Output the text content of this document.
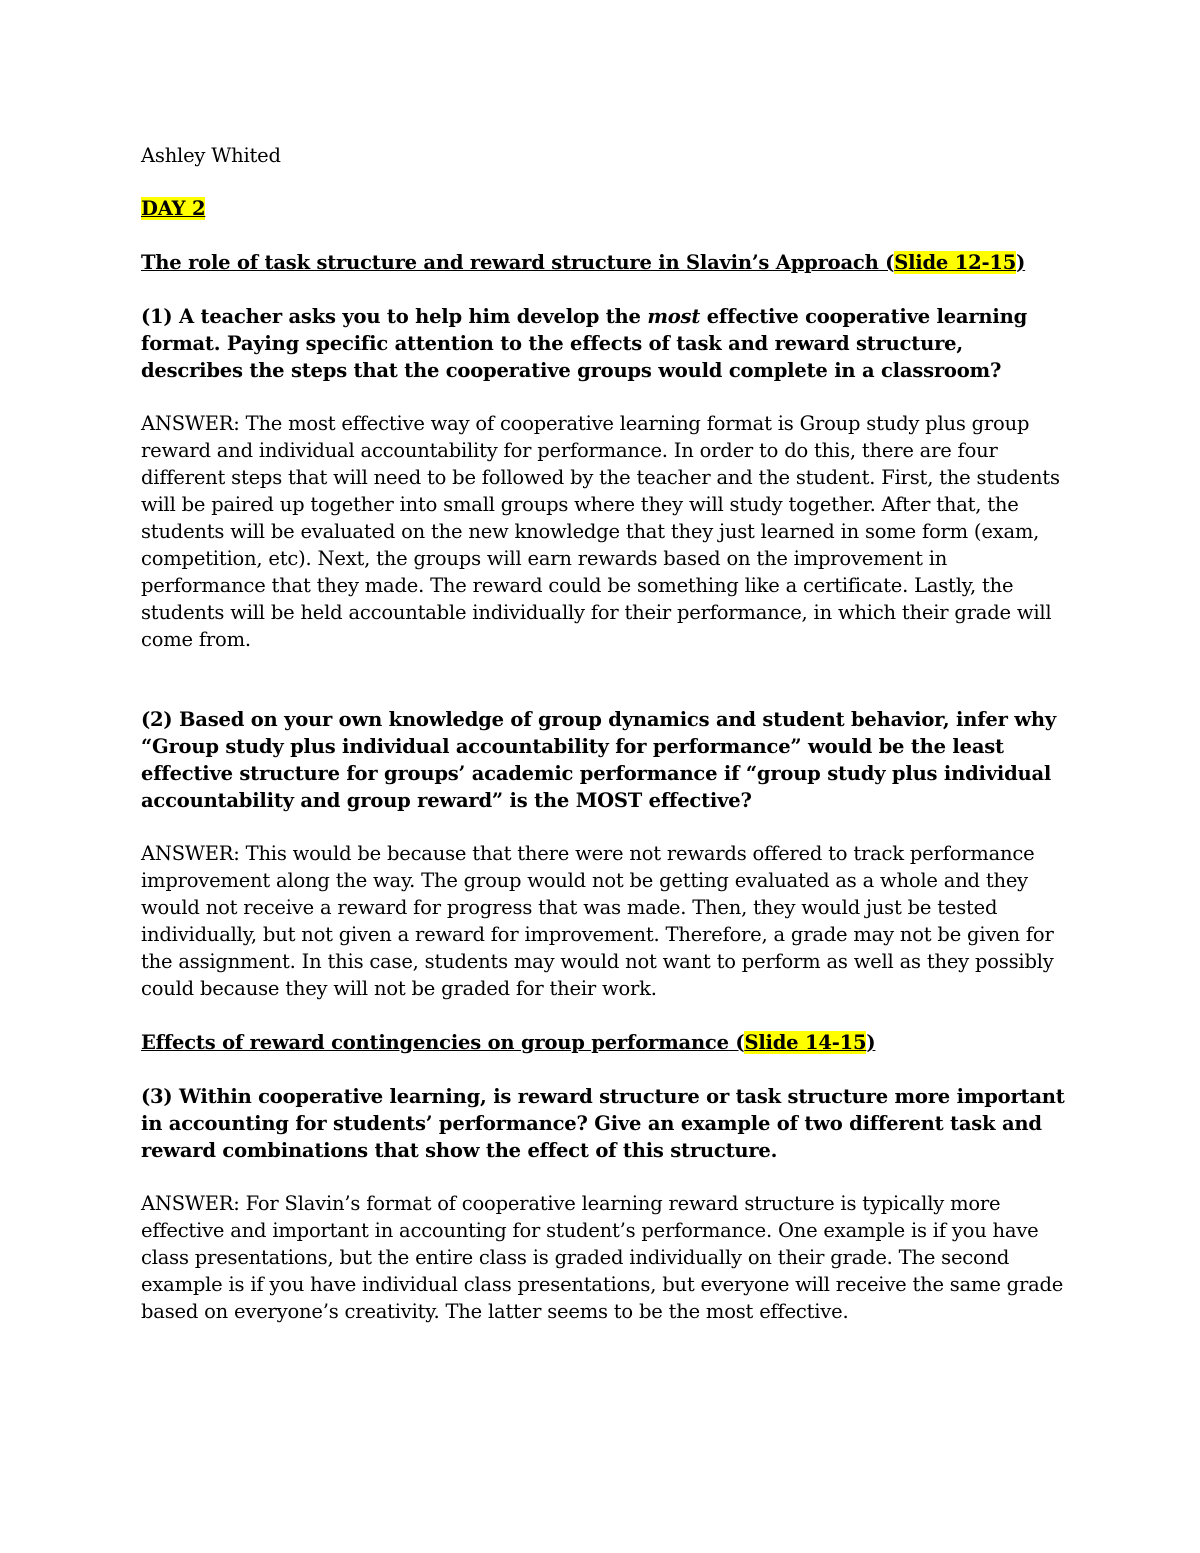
Ashley Whited

DAY 2

The role of task structure and reward structure in Slavin’s Approach (Slide 12-15)

(1) A teacher asks you to help him develop the most effective cooperative learning format. Paying specific attention to the effects of task and reward structure, describes the steps that the cooperative groups would complete in a classroom?

ANSWER: The most effective way of cooperative learning format is Group study plus group reward and individual accountability for performance. In order to do this, there are four different steps that will need to be followed by the teacher and the student. First, the students will be paired up together into small groups where they will study together. After that, the students will be evaluated on the new knowledge that they just learned in some form (exam, competition, etc). Next, the groups will earn rewards based on the improvement in performance that they made. The reward could be something like a certificate. Lastly, the students will be held accountable individually for their performance, in which their grade will come from.

(2) Based on your own knowledge of group dynamics and student behavior, infer why “Group study plus individual accountability for performance” would be the least effective structure for groups’ academic performance if “group study plus individual accountability and group reward” is the MOST effective?

ANSWER: This would be because that there were not rewards offered to track performance improvement along the way. The group would not be getting evaluated as a whole and they would not receive a reward for progress that was made. Then, they would just be tested individually, but not given a reward for improvement. Therefore, a grade may not be given for the assignment. In this case, students may would not want to perform as well as they possibly could because they will not be graded for their work.

Effects of reward contingencies on group performance (Slide 14-15)

(3) Within cooperative learning, is reward structure or task structure more important in accounting for students’ performance? Give an example of two different task and reward combinations that show the effect of this structure.

ANSWER: For Slavin’s format of cooperative learning reward structure is typically more effective and important in accounting for student’s performance. One example is if you have class presentations, but the entire class is graded individually on their grade. The second example is if you have individual class presentations, but everyone will receive the same grade based on everyone’s creativity. The latter seems to be the most effective.
